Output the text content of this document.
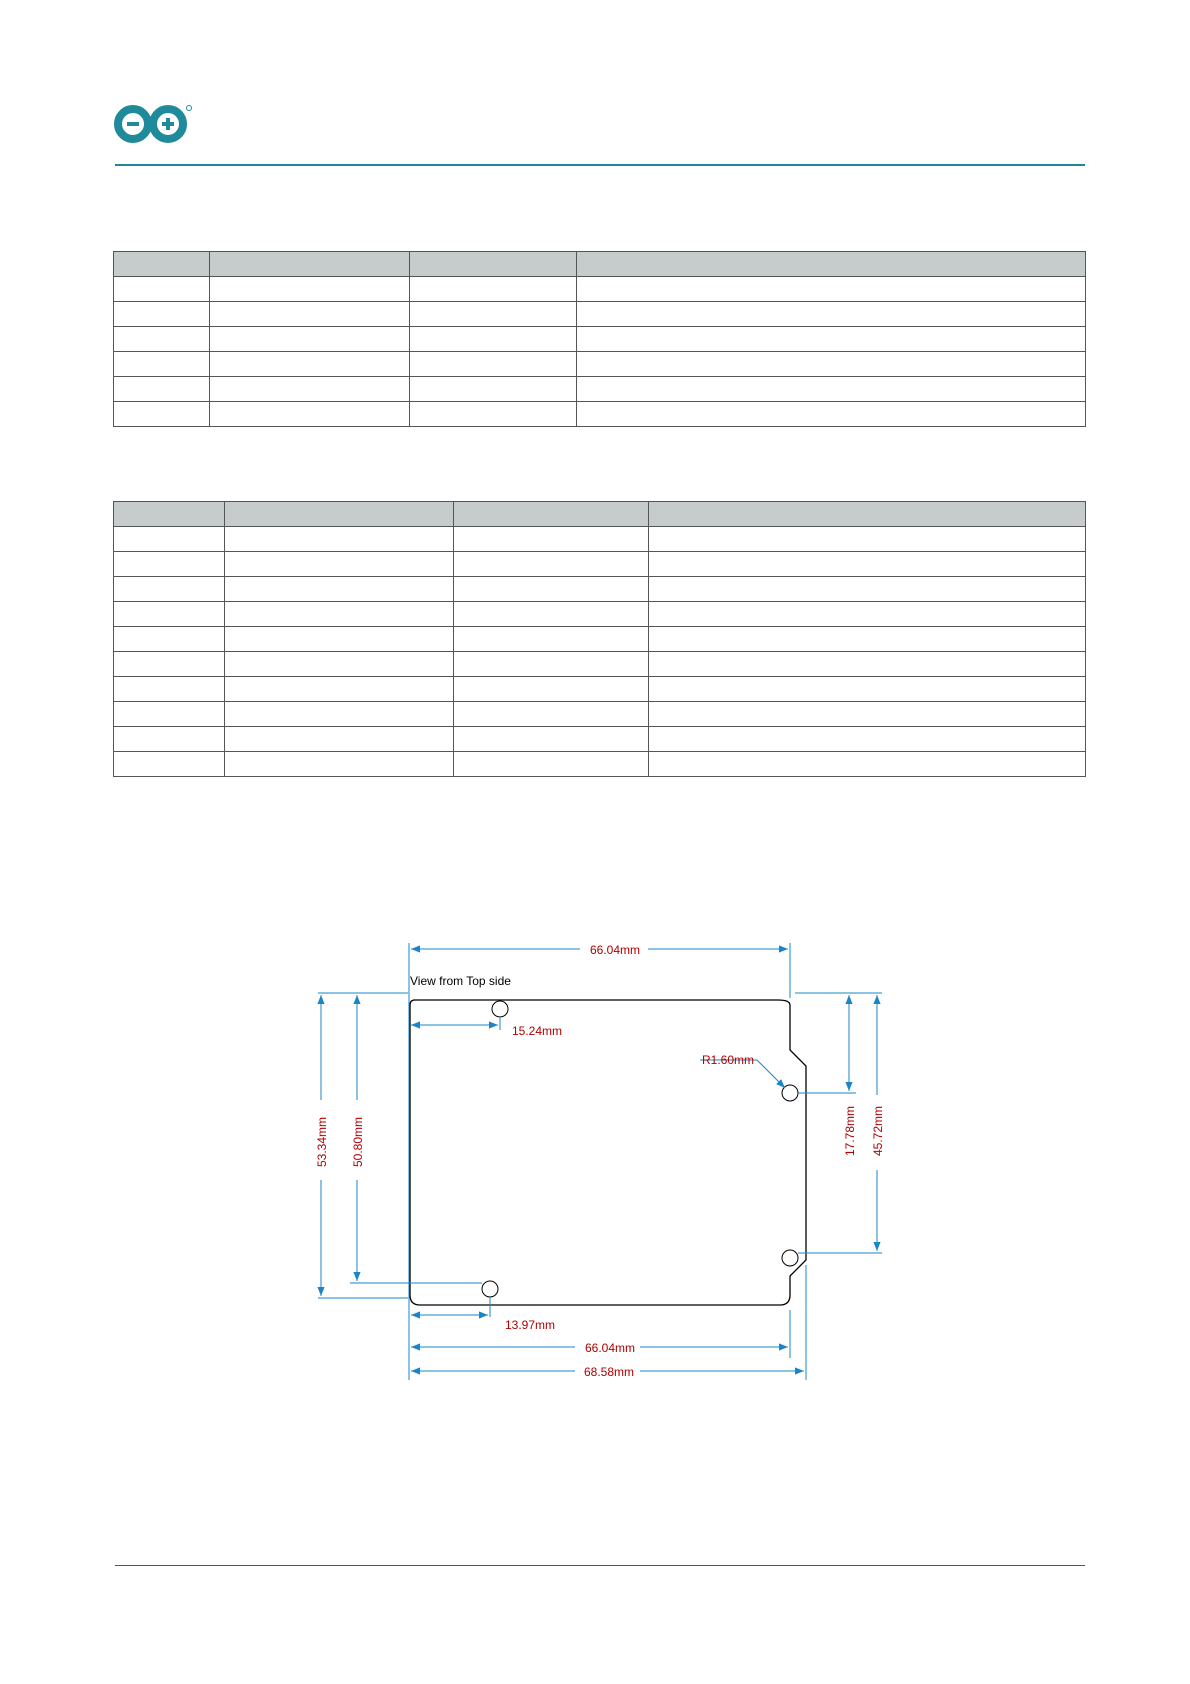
View from Top side
66.04mm
15.24mm
R1.60mm
13.97mm
66.04mm
68.58mm
53.34mm 50.80mm	17.78mm 45.72mm
